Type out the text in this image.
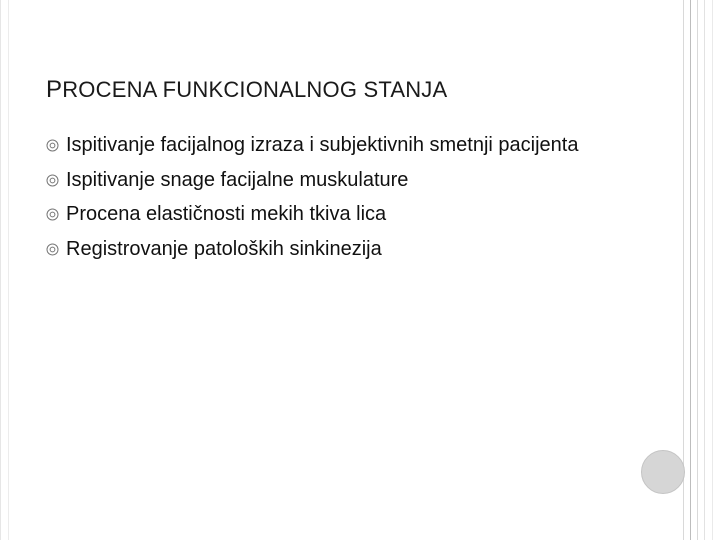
PROCENA FUNKCIONALNOG STANJA
Ispitivanje facijalnog izraza i subjektivnih smetnji pacijenta
Ispitivanje snage facijalne muskulature
Procena elastičnosti mekih tkiva lica
Registrovanje patoloških sinkinezija
